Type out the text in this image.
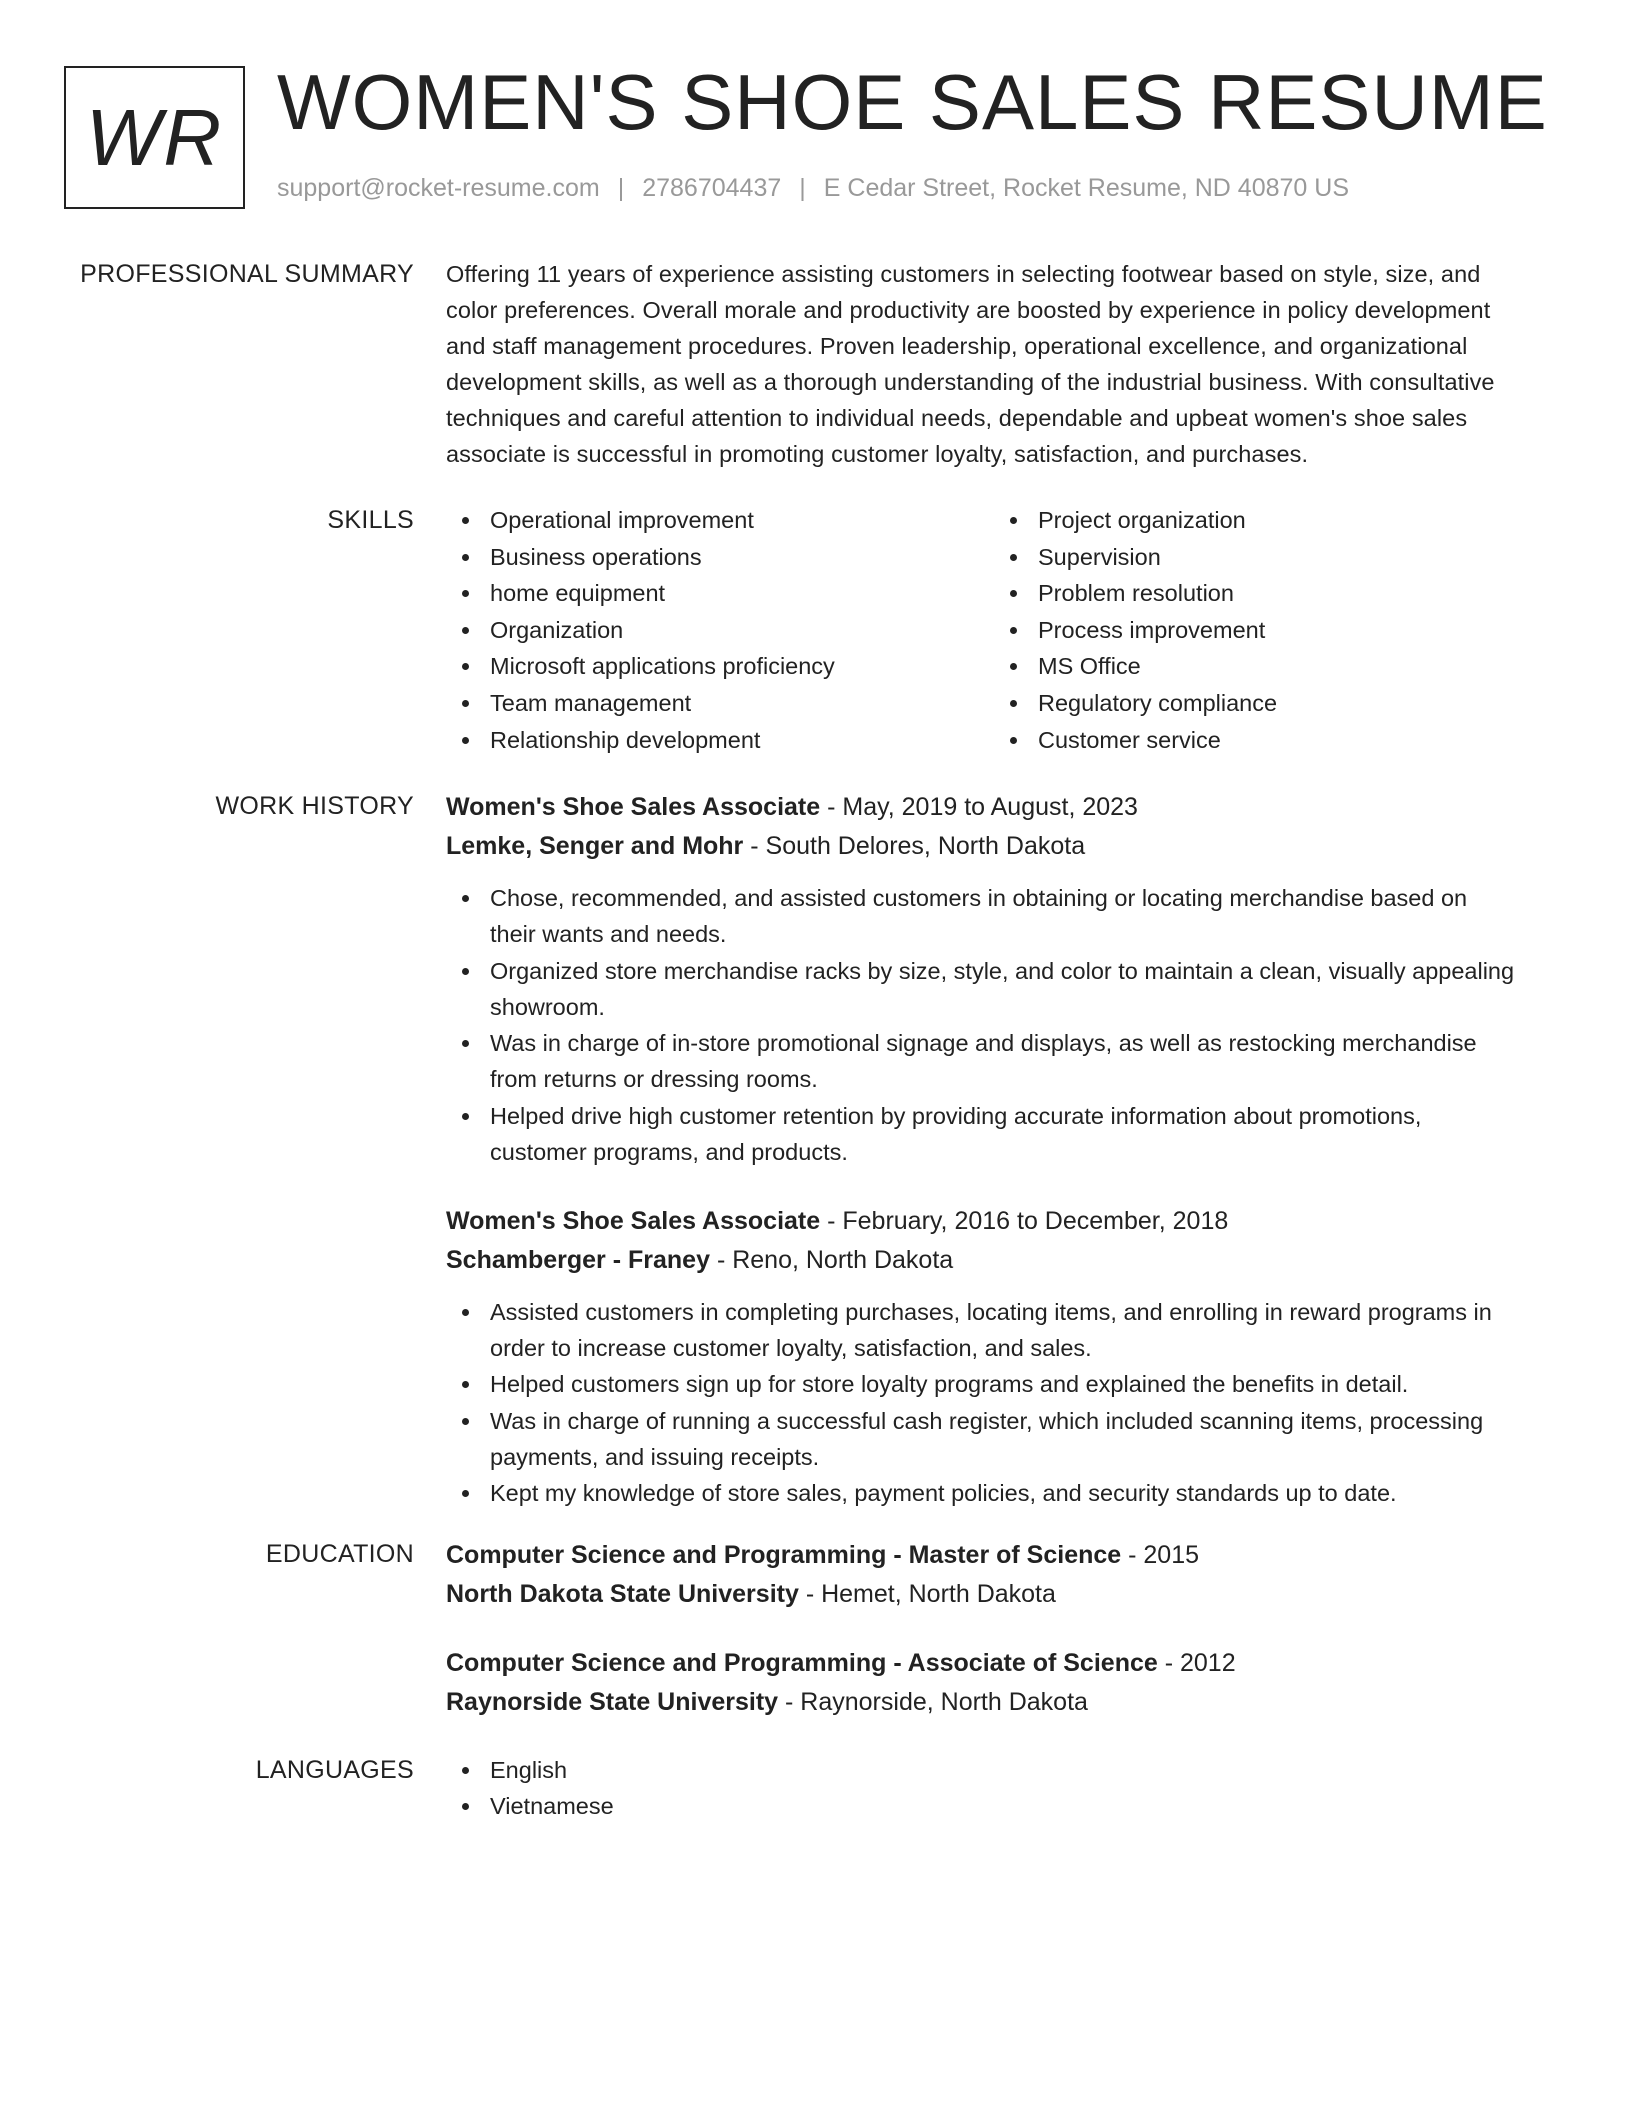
WR WOMEN'S SHOE SALES RESUME
support@rocket-resume.com | 2786704437 | E Cedar Street, Rocket Resume, ND 40870 US
PROFESSIONAL SUMMARY Offering 11 years of experience assisting customers in selecting footwear based on style, size, and
color preferences. Overall morale and productivity are boosted by experience in policy development
and staff management procedures. Proven leadership, operational excellence, and organizational
development skills, as well as a thorough understanding of the industrial business. With consultative
techniques and careful attention to individual needs, dependable and upbeat women's shoe sales
associate is successful in promoting customer loyalty, satisfaction, and purchases.
SKILLS	Operational improvement
Business operations
home equipment
Organization
Microsoft applications proficiency
Team management
Relationship development
Project organization
Supervision
Problem resolution
Process improvement
MS Office
Regulatory compliance
Customer service
WORK HISTORY Women's Shoe Sales Associate - May, 2019 to August, 2023
Lemke, Senger and Mohr - South Delores, North Dakota
Chose, recommended, and assisted customers in obtaining or locating merchandise based on
their wants and needs.
Organized store merchandise racks by size, style, and color to maintain a clean, visually appealing
showroom.
Was in charge of in-store promotional signage and displays, as well as restocking merchandise
from returns or dressing rooms.
Helped drive high customer retention by providing accurate information about promotions,
customer programs, and products.
Women's Shoe Sales Associate - February, 2016 to December, 2018
Schamberger - Franey - Reno, North Dakota
Assisted customers in completing purchases, locating items, and enrolling in reward programs in
order to increase customer loyalty, satisfaction, and sales.
Helped customers sign up for store loyalty programs and explained the benefits in detail.
Was in charge of running a successful cash register, which included scanning items, processing
payments, and issuing receipts.
Kept my knowledge of store sales, payment policies, and security standards up to date.
EDUCATION Computer Science and Programming - Master of Science - 2015
North Dakota State University - Hemet, North Dakota
Computer Science and Programming - Associate of Science - 2012
Raynorside State University - Raynorside, North Dakota
LANGUAGES	English
Vietnamese
